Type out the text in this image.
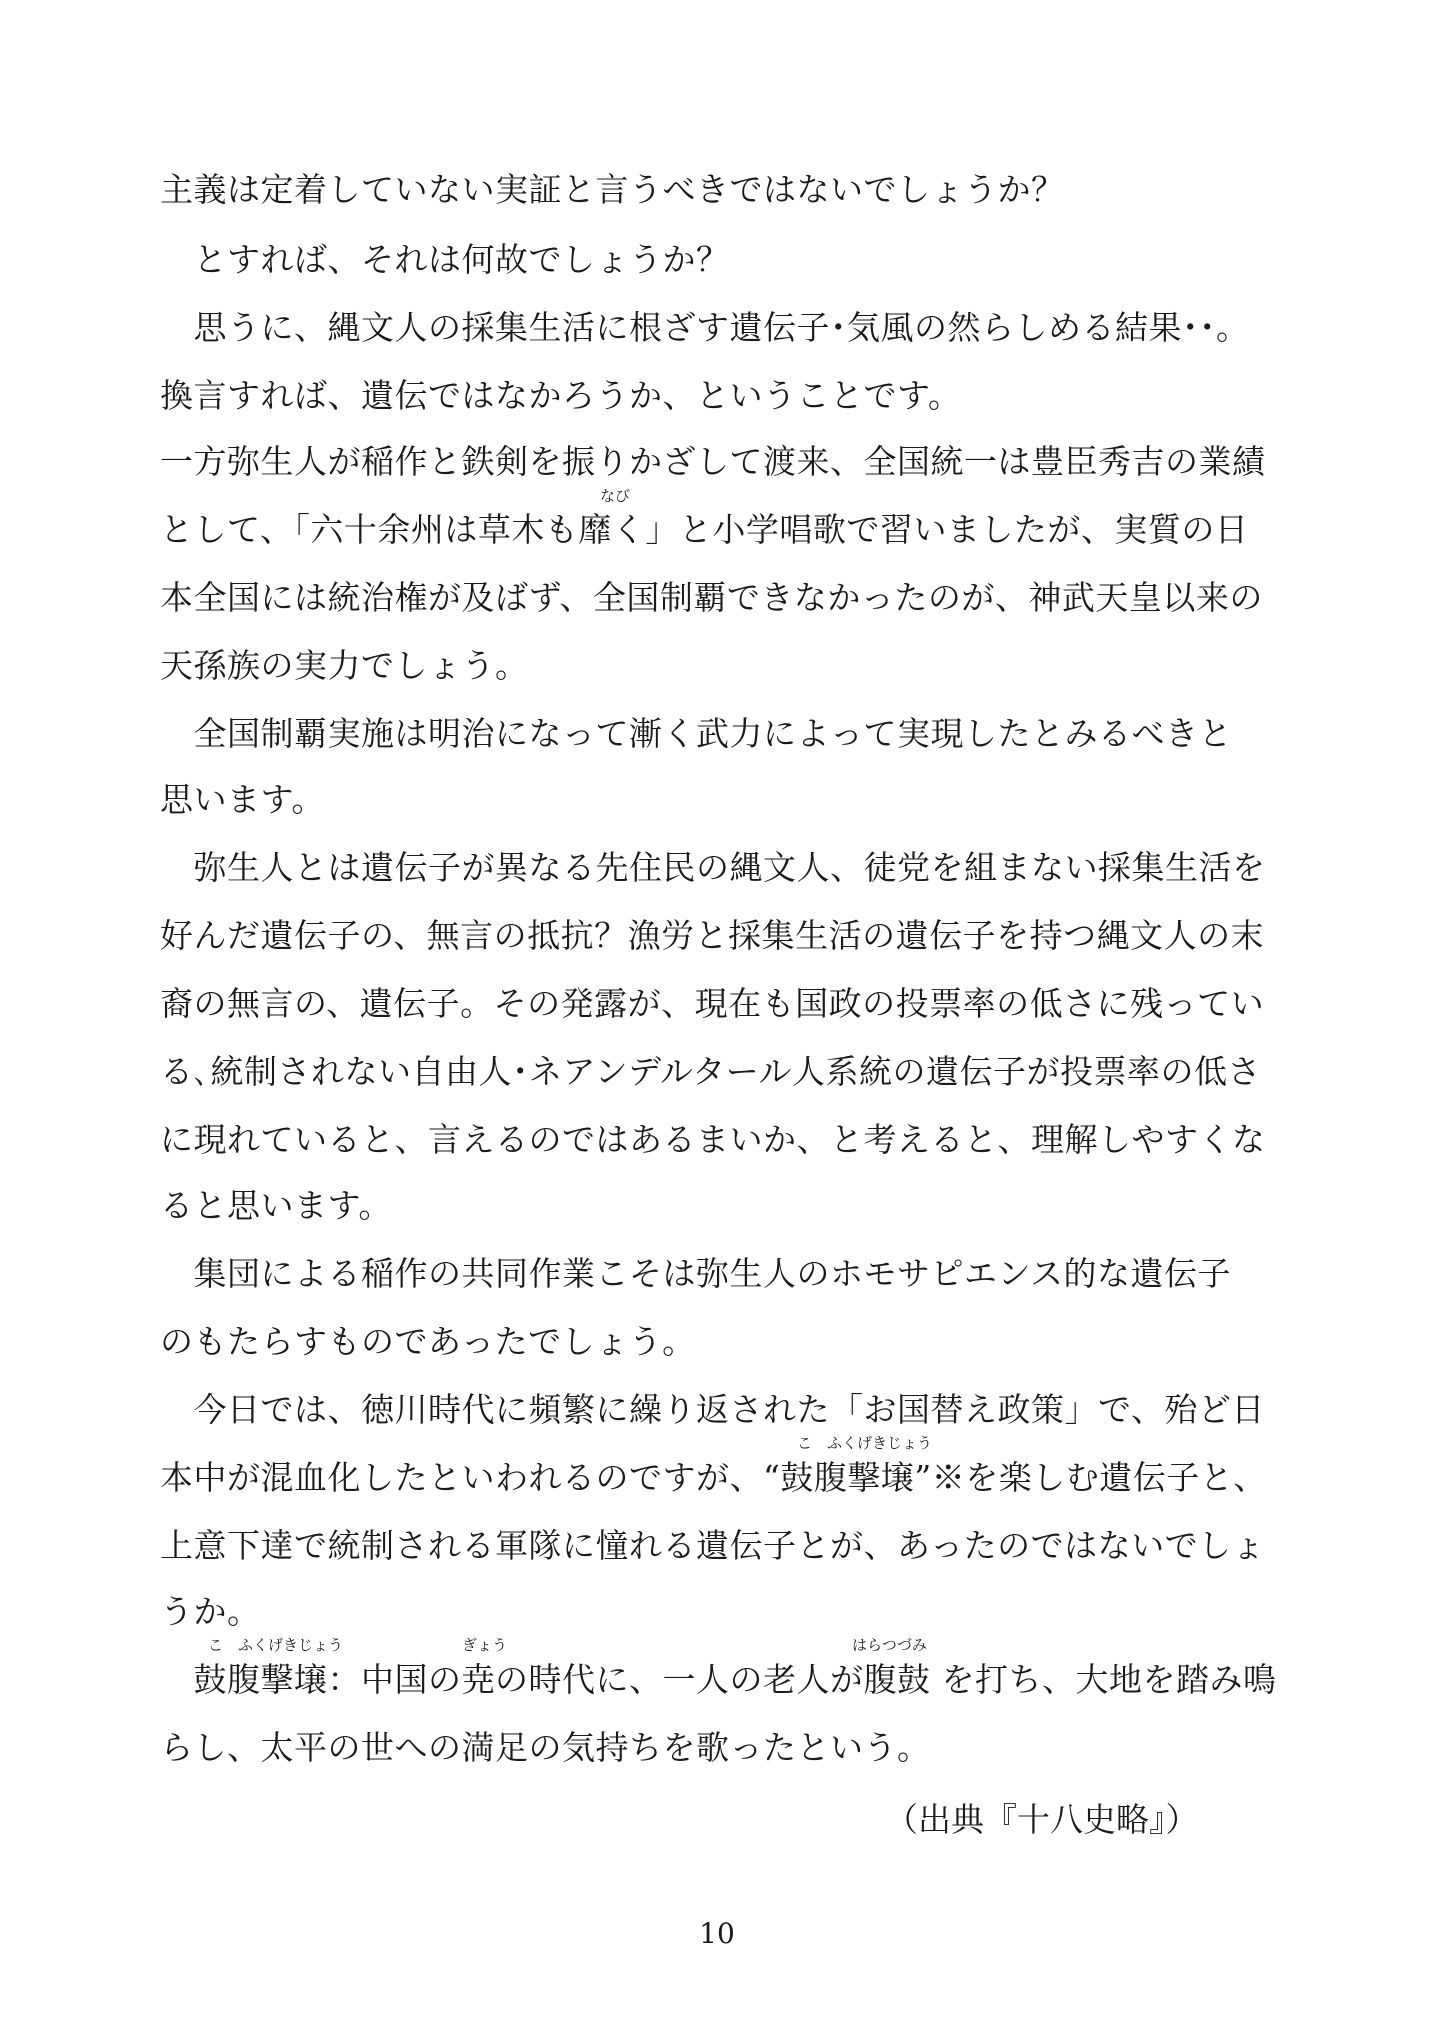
主義は定着していない実証と言うべきではないでしょうか？
　とすれば、それは何故でしょうか？
　思うに、縄文人の採集生活に根ざす遺伝子･気風の然らしめる結果･･。
換言すれば、遺伝ではなかろうか、ということです。
一方弥生人が稲作と鉄剣を振りかざして渡来、全国統一は豊臣秀吉の業績
なび
として、「六十余州は草木も靡く」と小学唱歌で習いましたが、実質の日
本全国には統治権が及ばず、全国制覇できなかったのが、神武天皇以来の
天孫族の実力でしょう。
　全国制覇実施は明治になって漸く武力によって実現したとみるべきと
思います。
　弥生人とは遺伝子が異なる先住民の縄文人、徒党を組まない採集生活を
好んだ遺伝子の、無言の抵抗？漁労と採集生活の遺伝子を持つ縄文人の末
裔の無言の、遺伝子。その発露が、現在も国政の投票率の低さに残ってい
る､統制されない自由人･ネアンデルタール人系統の遺伝子が投票率の低さ
に現れていると、言えるのではあるまいか、と考えると、理解しやすくな
ると思います。
　集団による稲作の共同作業こそは弥生人のホモサピエンス的な遺伝子
のもたらすものであったでしょう。
　今日では、徳川時代に頻繁に繰り返された「お国替え政策」で、殆ど日
こ　ふくげきじょう
本中が混血化したといわれるのですが、“鼓腹撃壌”※を楽しむ遺伝子と、
上意下達で統制される軍隊に憧れる遺伝子とが、あったのではないでしょ
うか。
こ　ふくげきじょう	ぎょう	はらつづみ
　鼓腹撃壌：中国の尭の時代に、一人の老人が腹鼓 を打ち、大地を踏み鳴
らし、太平の世への満足の気持ちを歌ったという。
（出典『十八史略』）
10
